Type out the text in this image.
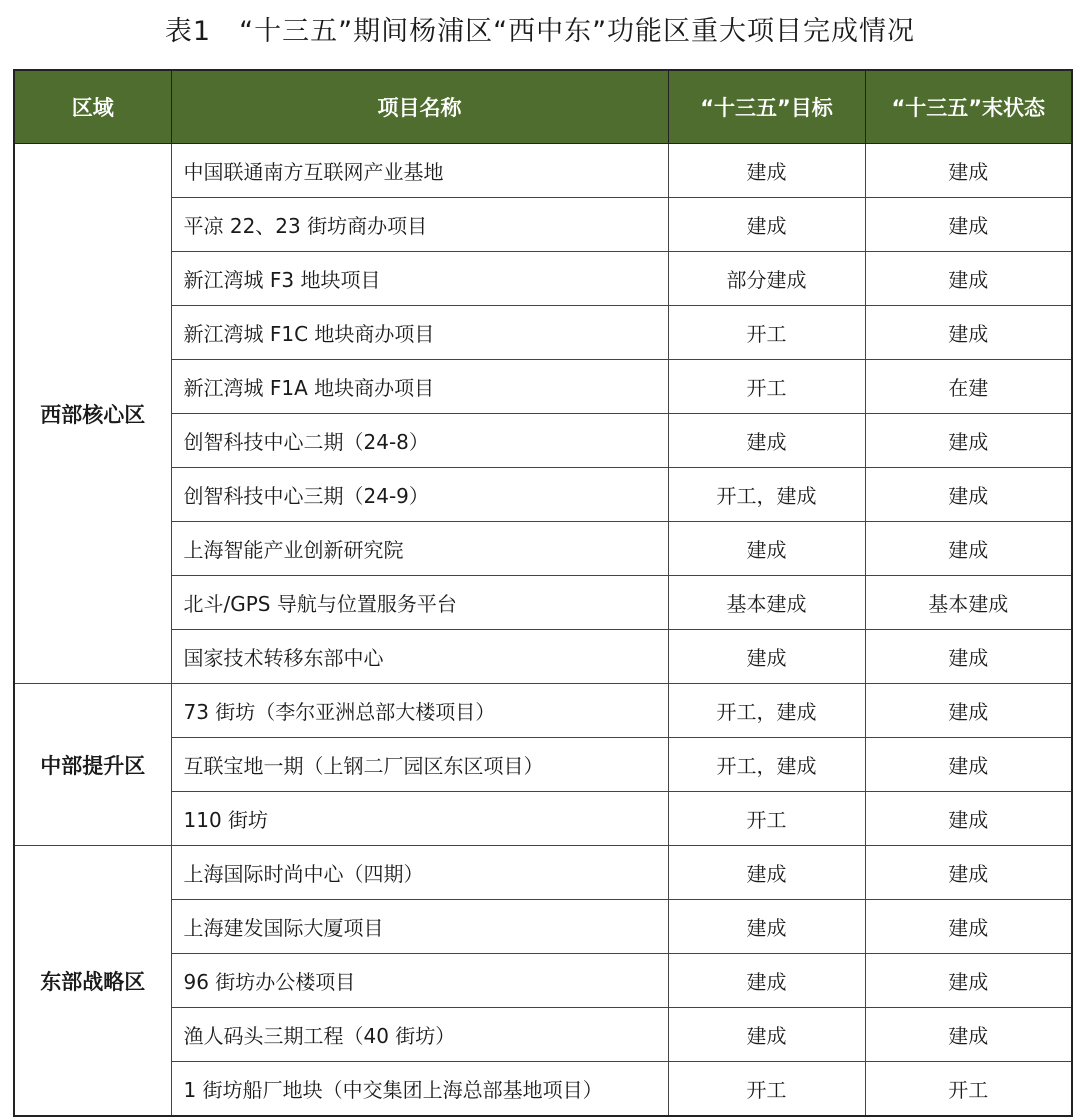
表1　“十三五”期间杨浦区“西中东”功能区重大项目完成情况
区域	项目名称	“十三五”目标	“十三五”末状态
西部核心区	中国联通南方互联网产业基地	建成	建成
	平凉 22、23 街坊商办项目	建成	建成
	新江湾城 F3 地块项目	部分建成	建成
	新江湾城 F1C 地块商办项目	开工	建成
	新江湾城 F1A 地块商办项目	开工	在建
	创智科技中心二期（24-8）	建成	建成
	创智科技中心三期（24-9）	开工，建成	建成
	上海智能产业创新研究院	建成	建成
	北斗/GPS 导航与位置服务平台	基本建成	基本建成
	国家技术转移东部中心	建成	建成
中部提升区	73 街坊（李尔亚洲总部大楼项目）	开工，建成	建成
	互联宝地一期（上钢二厂园区东区项目）	开工，建成	建成
	110 街坊	开工	建成
东部战略区	上海国际时尚中心（四期）	建成	建成
	上海建发国际大厦项目	建成	建成
	96 街坊办公楼项目	建成	建成
	渔人码头三期工程（40 街坊）	建成	建成
	1 街坊船厂地块（中交集团上海总部基地项目）	开工	开工
